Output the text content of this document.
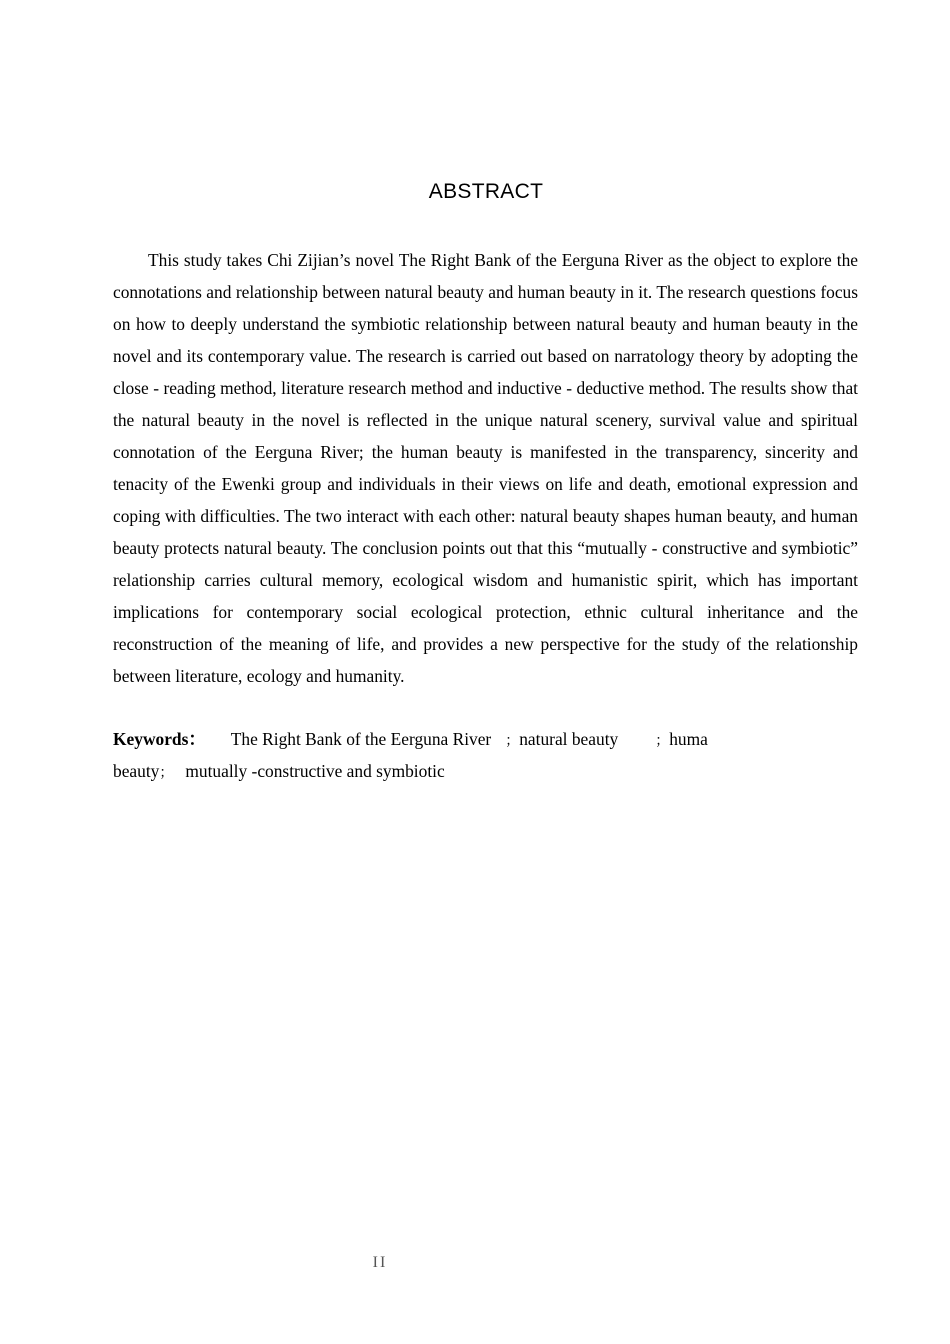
ABSTRACT

This study takes Chi Zijian’s novel The Right Bank of the Eerguna River as the object to explore the connotations and relationship between natural beauty and human beauty in it. The research questions focus on how to deeply understand the symbiotic relationship between natural beauty and human beauty in the novel and its contemporary value. The research is carried out based on narratology theory by adopting the close - reading method, literature research method and inductive - deductive method. The results show that the natural beauty in the novel is reflected in the unique natural scenery, survival value and spiritual connotation of the Eerguna River; the human beauty is manifested in the transparency, sincerity and tenacity of the Ewenki group and individuals in their views on life and death, emotional expression and coping with difficulties. The two interact with each other: natural beauty shapes human beauty, and human beauty protects natural beauty. The conclusion points out that this “mutually - constructive and symbiotic” relationship carries cultural memory, ecological wisdom and humanistic spirit, which has important implications for contemporary social ecological protection, ethnic cultural inheritance and the reconstruction of the meaning of life, and provides a new perspective for the study of the relationship between literature, ecology and humanity.

Keywords： The Right Bank of the Eerguna River ；natural beauty	；huma
beauty； mutually -constructive and symbiotic
II
